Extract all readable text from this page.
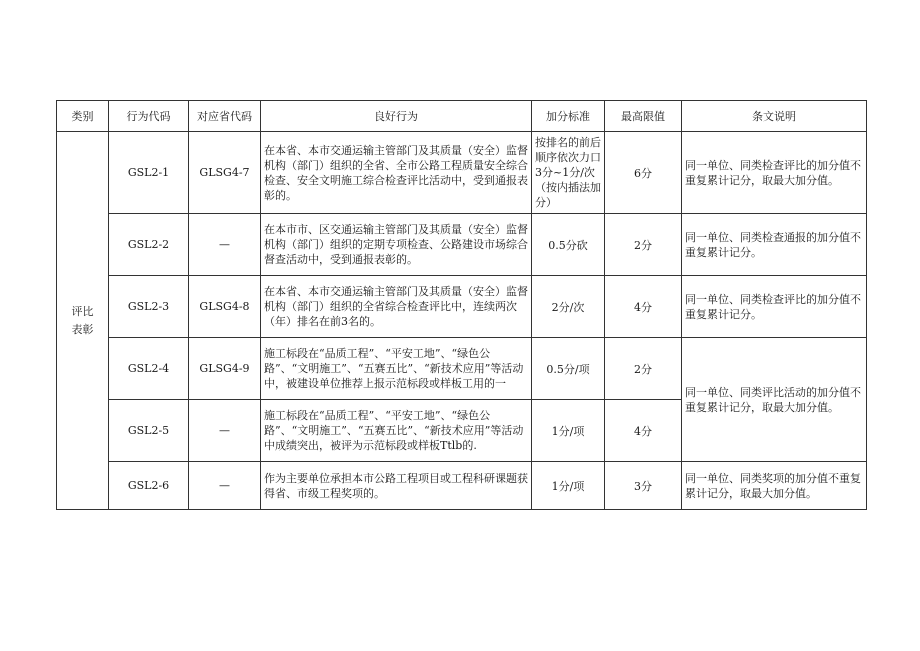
类别	行为代码	对应省代码	良好行为	加分标准	最高限值	条文说明
评比
表彰	GSL2-1	GLSG4-7	在本省、本市交通运输主管部门及其质量（安全）监督机构（部门）组织的全省、全市公路工程质量安全综合检查、安全文明施工综合检查评比活动中，受到通报表彰的。	按排名的前后顺序依次力口3分~1分/次（按内插法加分）	6分	同一单位、同类检查评比的加分值不重复累计记分，取最大加分值。
	GSL2-2	—	在本市市、区交通运输主管部门及其质量（安全）监督机构（部门）组织的定期专项检查、公路建设市场综合督查活动中，受到通报表彰的。	0.5分砍	2分	同一单位、同类检查通报的加分值不重复累计记分。
	GSL2-3	GLSG4-8	在本省、本市交通运输主管部门及其质量（安全）监督机构（部门）组织的全省综合检查评比中，连续两次（年）排名在前3名的。	2分/次	4分	同一单位、同类检查评比的加分值不重复累计记分。
	GSL2-4	GLSG4-9	施工标段在“品质工程”、“平安工地”、“绿色公路”、“文明施工”、“五赛五比”、“新技术应用”等活动中，被建设单位推荐上报示范标段或样板工用的一	0.5分/项	2分	同一单位、同类评比活动的加分值不重复累计记分，取最大加分值。
	GSL2-5	—	施工标段在“品质工程”、“平安工地”、“绿色公路”、“文明施工”、“五赛五比”、“新技术应用”等活动中成绩突出，被评为示范标段或样板Ttlb的.	1分/项	4分	
	GSL2-6	—	作为主要单位承担本市公路工程项目或工程科研课题获得省、市级工程奖项的。	1分/项	3分	同一单位、同类奖项的加分值不重复累计记分，取最大加分值。
